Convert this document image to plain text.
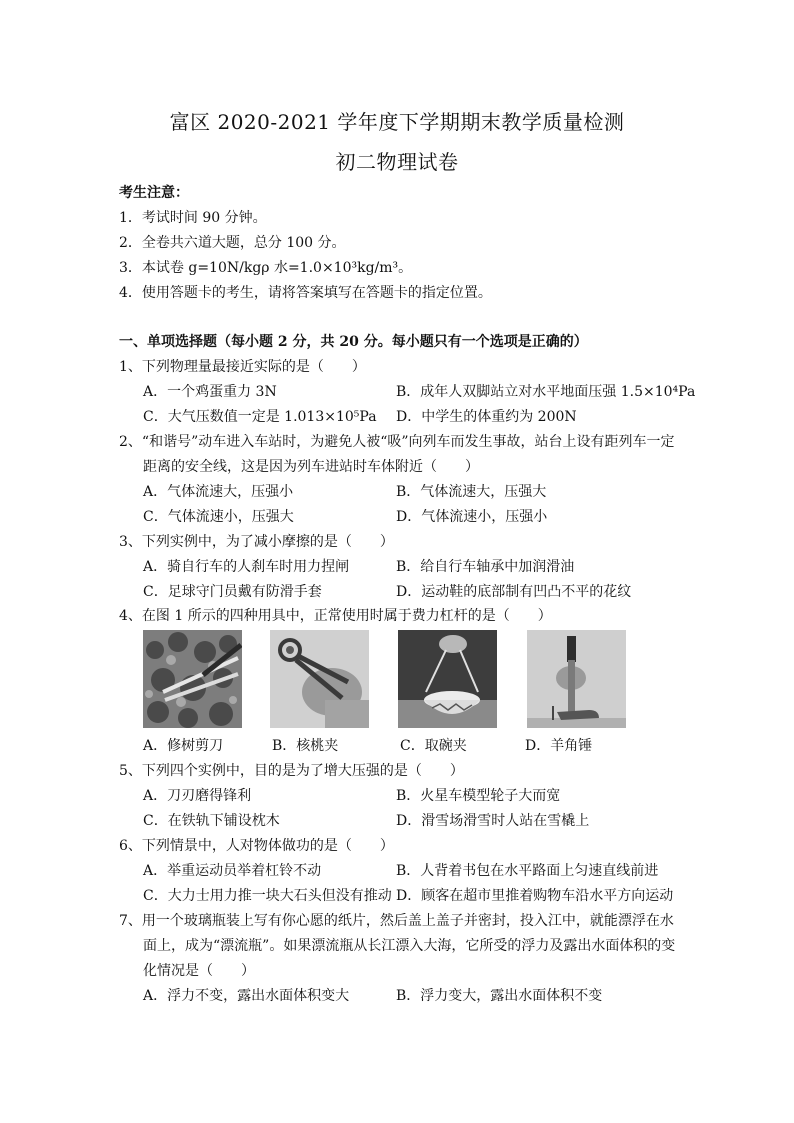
富区 2020-2021 学年度下学期期末教学质量检测
初二物理试卷
考生注意：
1．考试时间 90 分钟。
2．全卷共六道大题，总分 100 分。
3．本试卷 g=10N/kgρ 水=1.0×10³kg/m³。
4．使用答题卡的考生，请将答案填写在答题卡的指定位置。
一、单项选择题（每小题 2 分，共 20 分。每小题只有一个选项是正确的）
1、下列物理量最接近实际的是（　　）
A．一个鸡蛋重力 3N	B．成年人双脚站立对水平地面压强 1.5×10⁴Pa
C．大气压数值一定是 1.013×10⁵Pa D．中学生的体重约为 200N
2、“和谐号”动车进入车站时，为避免人被“吸”向列车而发生事故，站台上设有距列车一定
距离的安全线，这是因为列车进站时车体附近（　　）
A．气体流速大，压强小	B．气体流速大，压强大
C．气体流速小，压强大	D．气体流速小，压强小
3、下列实例中，为了减小摩擦的是（　　）
A．骑自行车的人刹车时用力捏闸	B．给自行车轴承中加润滑油
C．足球守门员戴有防滑手套	D．运动鞋的底部制有凹凸不平的花纹
4、在图 1 所示的四种用具中，正常使用时属于费力杠杆的是（　　）
A．修树剪刀	B．核桃夹	C．取碗夹	D．羊角锤
5、下列四个实例中，目的是为了增大压强的是（　　）
A．刀刃磨得锋利	B．火星车模型轮子大而宽
C．在铁轨下铺设枕木	D．滑雪场滑雪时人站在雪橇上
6、下列情景中，人对物体做功的是（　　）
A．举重运动员举着杠铃不动	B．人背着书包在水平路面上匀速直线前进
C．大力士用力推一块大石头但没有推动 D．顾客在超市里推着购物车沿水平方向运动
7、用一个玻璃瓶装上写有你心愿的纸片，然后盖上盖子并密封，投入江中，就能漂浮在水
面上，成为“漂流瓶”。如果漂流瓶从长江漂入大海，它所受的浮力及露出水面体积的变
化情况是（　　）
A．浮力不变，露出水面体积变大	B．浮力变大，露出水面体积不变
